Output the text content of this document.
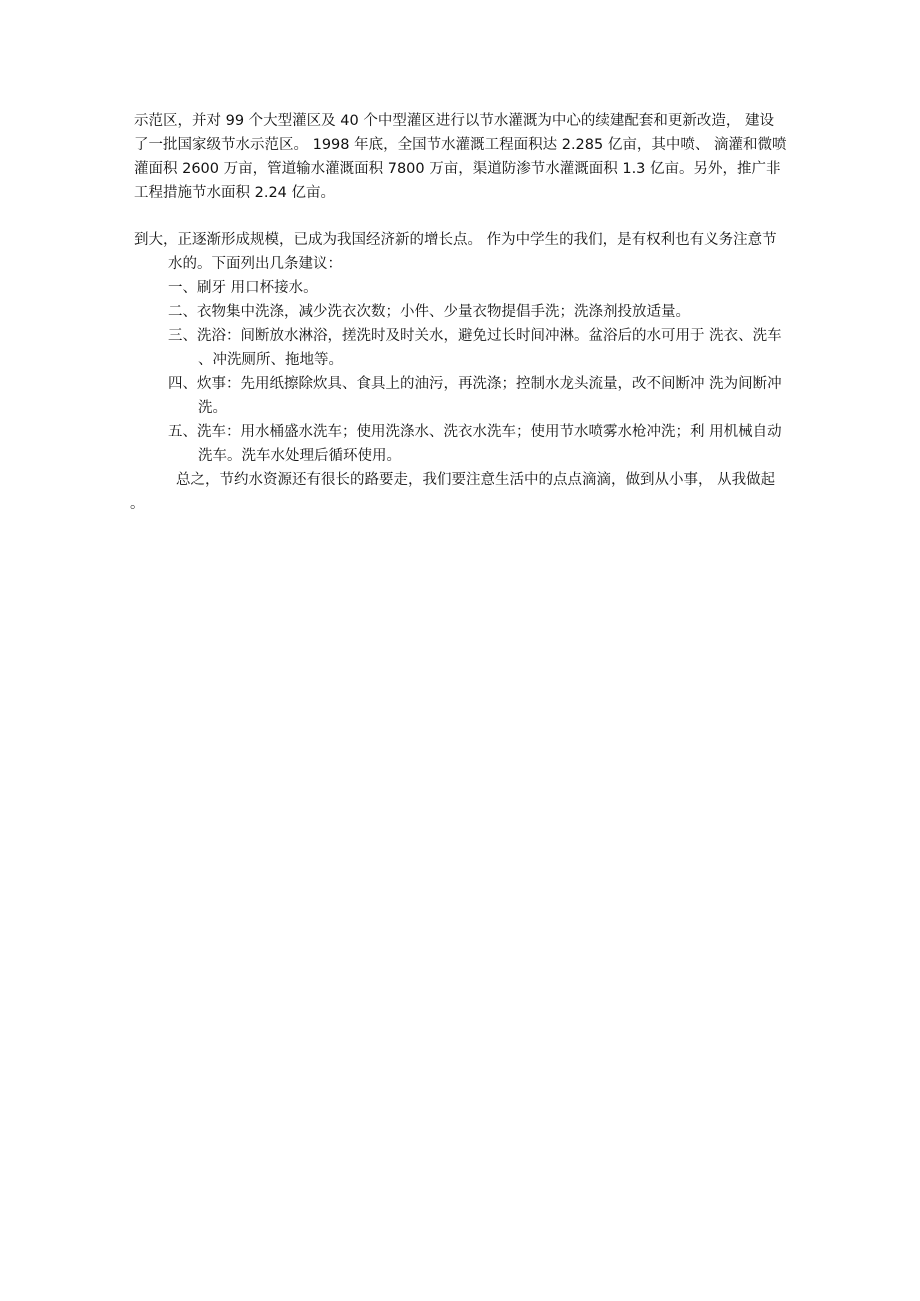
示范区，并对 99 个大型灌区及 40 个中型灌区进行以节水灌溉为中心的续建配套和更新改造， 建设
了一批国家级节水示范区。 1998 年底，全国节水灌溉工程面积达 2.285 亿亩，其中喷、 滴灌和微喷
灌面积 2600 万亩，管道输水灌溉面积 7800 万亩，渠道防渗节水灌溉面积 1.3 亿亩。另外，推广非
工程措施节水面积 2.24 亿亩。
到大，正逐渐形成规模，已成为我国经济新的增长点。 作为中学生的我们，是有权利也有义务注意节
水的。下面列出几条建议：
一、刷牙 用口杯接水。
二、衣物集中洗涤，减少洗衣次数；小件、少量衣物提倡手洗；洗涤剂投放适量。
三、洗浴：间断放水淋浴，搓洗时及时关水，避免过长时间冲淋。盆浴后的水可用于 洗衣、洗车
、冲洗厕所、拖地等。
四、炊事：先用纸擦除炊具、食具上的油污，再洗涤；控制水龙头流量，改不间断冲 洗为间断冲
洗。
五、洗车：用水桶盛水洗车；使用洗涤水、洗衣水洗车；使用节水喷雾水枪冲洗；利 用机械自动
洗车。洗车水处理后循环使用。
总之，节约水资源还有很长的路要走，我们要注意生活中的点点滴滴，做到从小事， 从我做起
。
